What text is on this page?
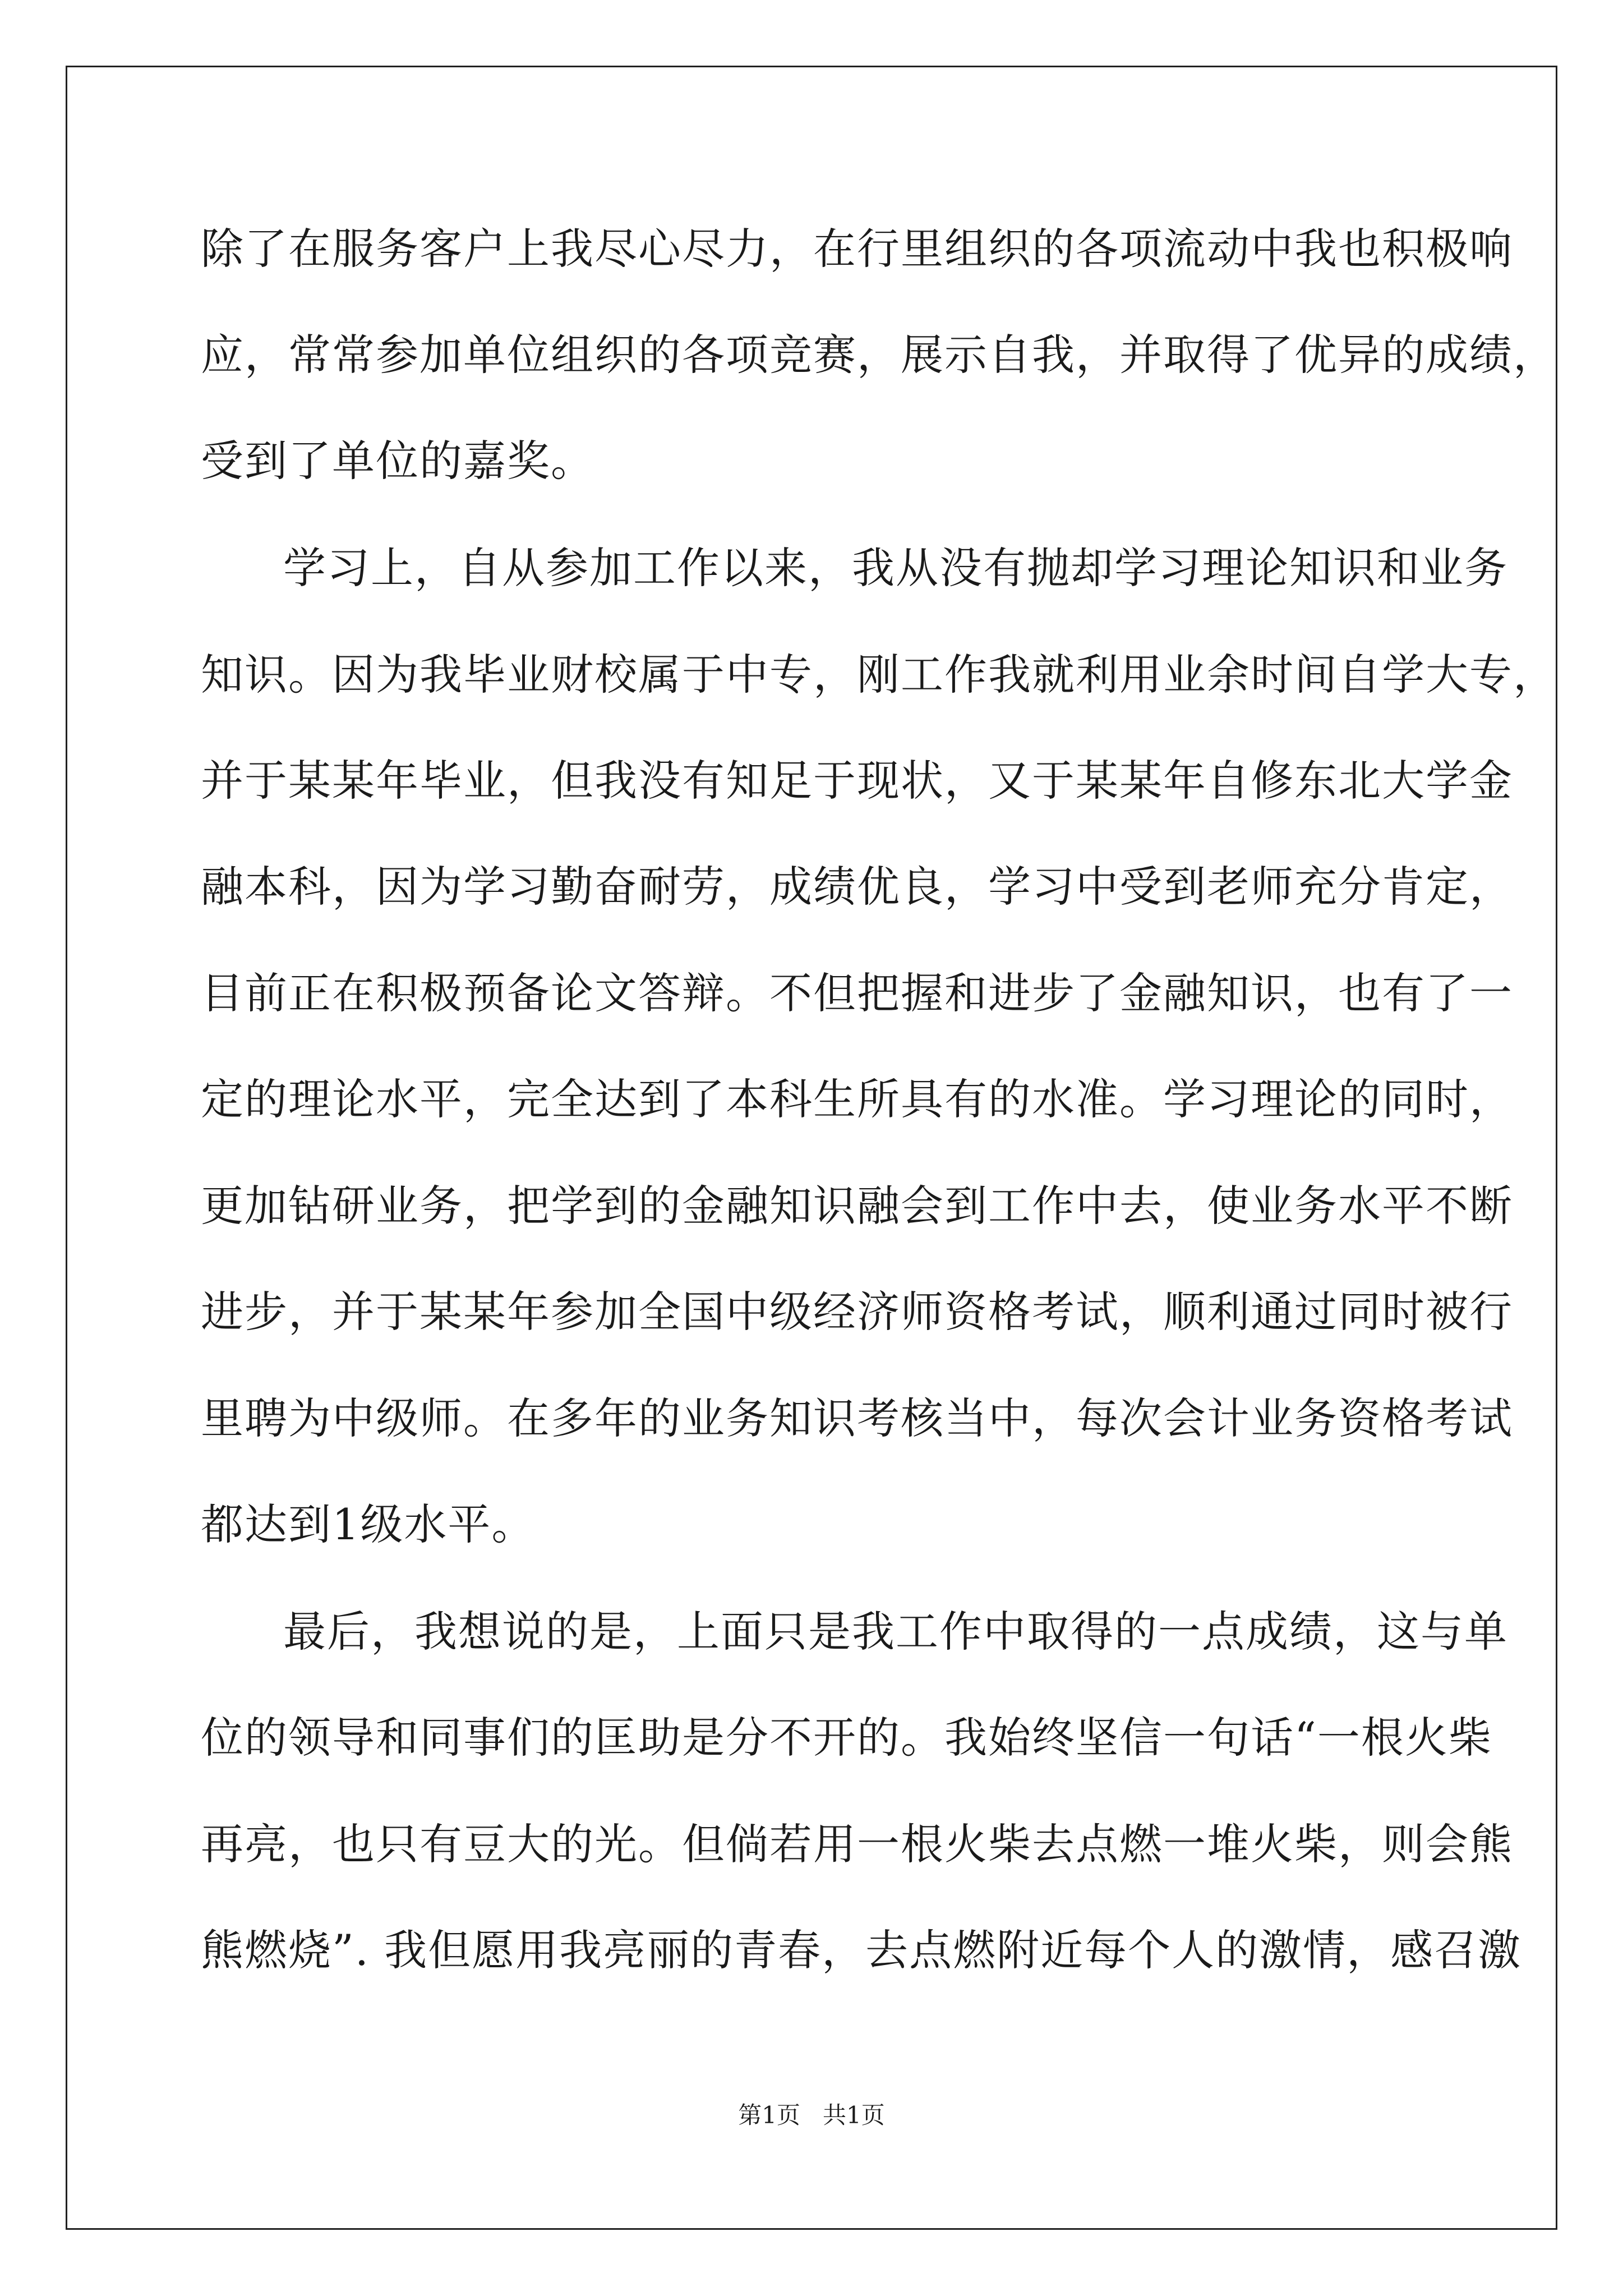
除了在服务客户上我尽心尽力，在行里组织的各项流动中我也积极响
应，常常参加单位组织的各项竞赛，展示自我，并取得了优异的成绩，
受到了单位的嘉奖。
学习上，自从参加工作以来，我从没有抛却学习理论知识和业务
知识。因为我毕业财校属于中专，刚工作我就利用业余时间自学大专，
并于某某年毕业，但我没有知足于现状，又于某某年自修东北大学金
融本科，因为学习勤奋耐劳，成绩优良，学习中受到老师充分肯定，
目前正在积极预备论文答辩。不但把握和进步了金融知识，也有了一
定的理论水平，完全达到了本科生所具有的水准。学习理论的同时，
更加钻研业务，把学到的金融知识融会到工作中去，使业务水平不断
进步，并于某某年参加全国中级经济师资格考试，顺利通过同时被行
里聘为中级师。在多年的业务知识考核当中，每次会计业务资格考试
都达到1级水平。
最后，我想说的是，上面只是我工作中取得的一点成绩，这与单
位的领导和同事们的匡助是分不开的。我始终坚信一句话“一根火柴
再亮，也只有豆大的光。但倘若用一根火柴去点燃一堆火柴，则会熊
熊燃烧”. 我但愿用我亮丽的青春，去点燃附近每个人的激情，感召激
第1页   共1页
